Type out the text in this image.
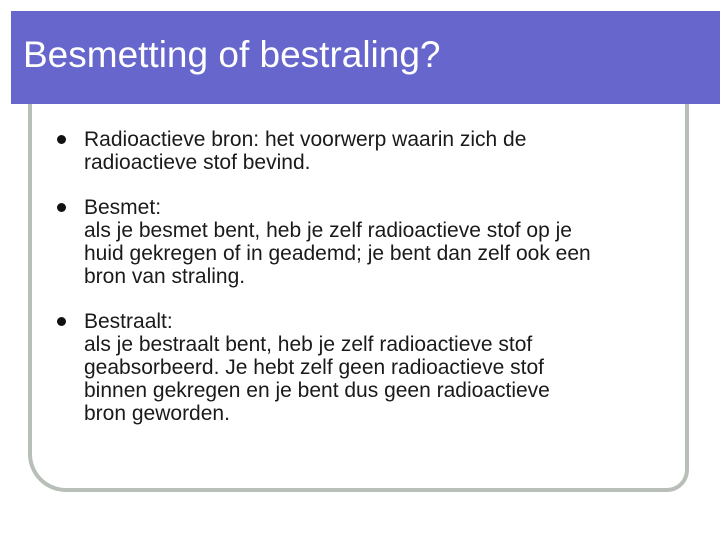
Besmetting of bestraling?
Radioactieve bron: het voorwerp waarin zich de
radioactieve stof bevind.
Besmet:
als je besmet bent, heb je zelf radioactieve stof op je
huid gekregen of in geademd; je bent dan zelf ook een
bron van straling.
Bestraalt:
als je bestraalt bent, heb je zelf radioactieve stof
geabsorbeerd. Je hebt zelf geen radioactieve stof
binnen gekregen en je bent dus geen radioactieve
bron geworden.
